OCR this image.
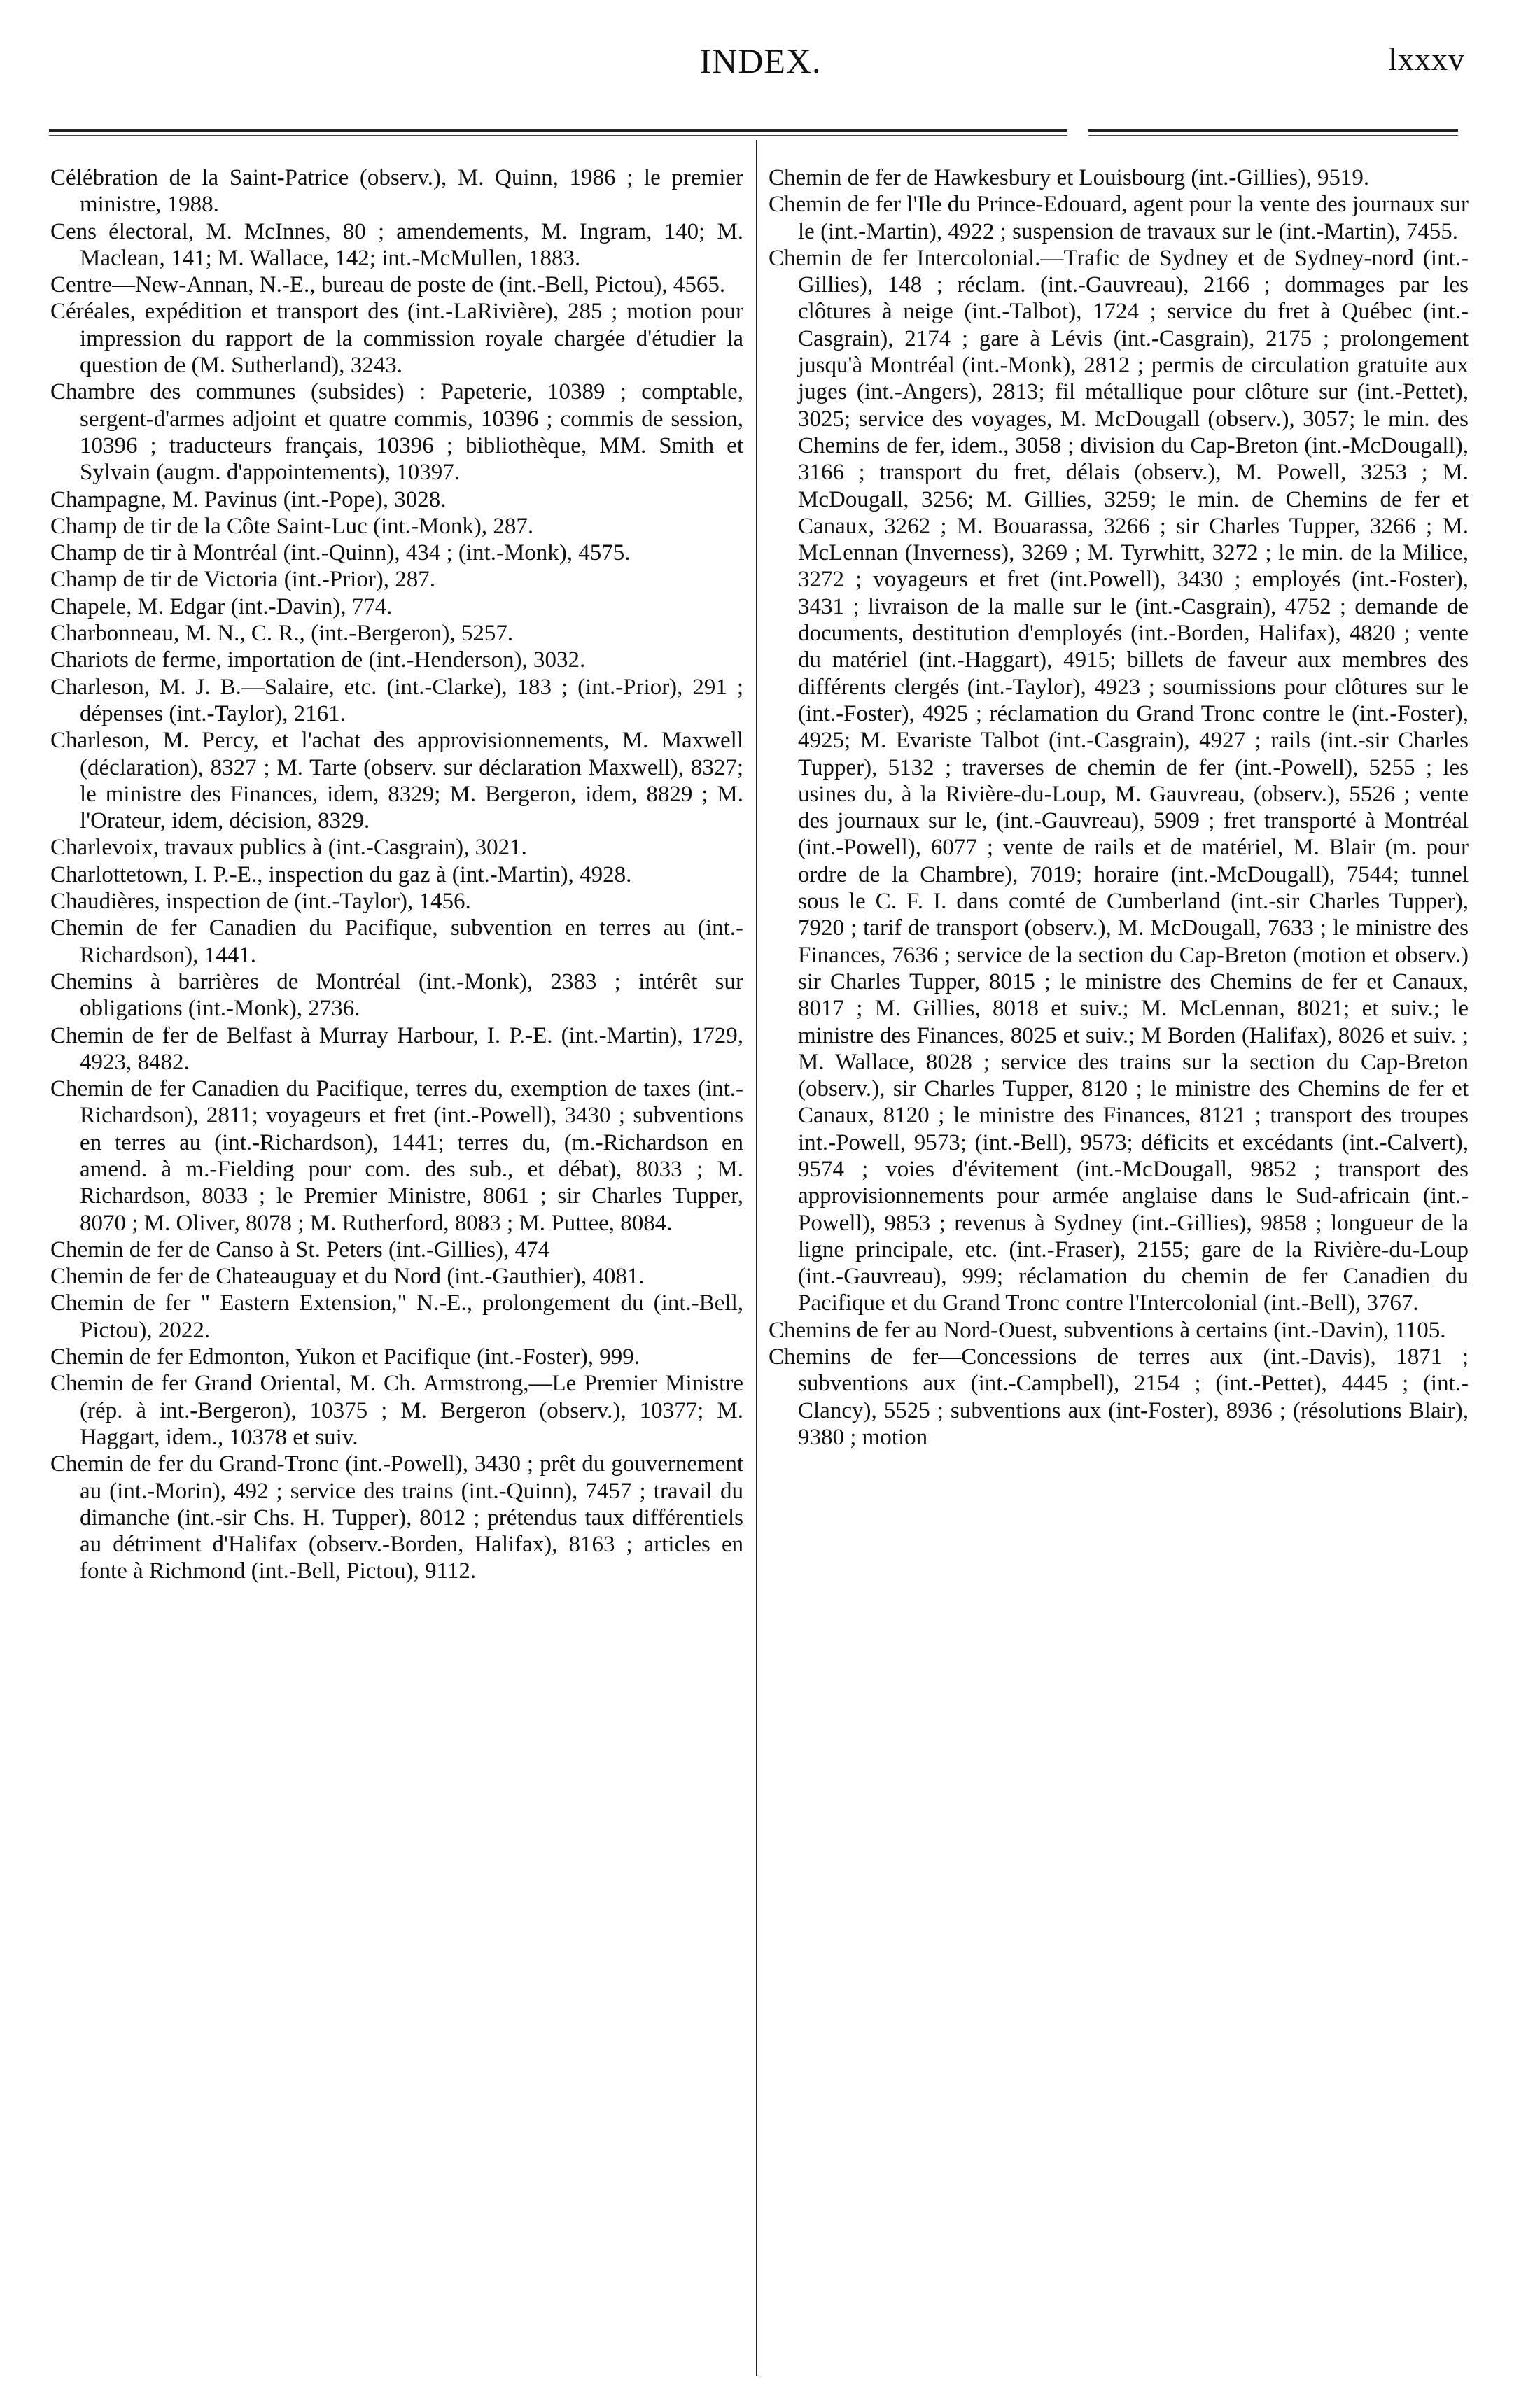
INDEX.	lxxxv

Célébration de la Saint-Patrice (observ.), M. Quinn, 1986 ; le premier ministre, 1988.

Cens électoral, M. McInnes, 80 ; amendements, M. Ingram, 140; M. Maclean, 141; M. Wallace, 142; int.-McMullen, 1883.

Centre—New-Annan, N.-E., bureau de poste de (int.-Bell, Pictou), 4565.

Céréales, expédition et transport des (int.-LaRivière), 285 ; motion pour impression du rapport de la commission royale chargée d'étudier la question de (M. Sutherland), 3243.

Chambre des communes (subsides) : Papeterie, 10389 ; comptable, sergent-d'armes adjoint et quatre commis, 10396 ; commis de session, 10396 ; traducteurs français, 10396 ; bibliothèque, MM. Smith et Sylvain (augm. d'appointements), 10397.

Champagne, M. Pavinus (int.-Pope), 3028.

Champ de tir de la Côte Saint-Luc (int.-Monk), 287.

Champ de tir à Montréal (int.-Quinn), 434 ; (int.-Monk), 4575.

Champ de tir de Victoria (int.-Prior), 287.

Chapele, M. Edgar (int.-Davin), 774.

Charbonneau, M. N., C. R., (int.-Bergeron), 5257.

Chariots de ferme, importation de (int.-Henderson), 3032.

Charleson, M. J. B.—Salaire, etc. (int.-Clarke), 183 ; (int.-Prior), 291 ; dépenses (int.-Taylor), 2161.

Charleson, M. Percy, et l'achat des approvisionnements, M. Maxwell (déclaration), 8327 ; M. Tarte (observ. sur déclaration Maxwell), 8327; le ministre des Finances, idem, 8329; M. Bergeron, idem, 8829 ; M. l'Orateur, idem, décision, 8329.

Charlevoix, travaux publics à (int.-Casgrain), 3021.

Charlottetown, I. P.-E., inspection du gaz à (int.-Martin), 4928.

Chaudières, inspection de (int.-Taylor), 1456.

Chemin de fer Canadien du Pacifique, subvention en terres au (int.-Richardson), 1441.

Chemins à barrières de Montréal (int.-Monk), 2383 ; intérêt sur obligations (int.-Monk), 2736.

Chemin de fer de Belfast à Murray Harbour, I. P.-E. (int.-Martin), 1729, 4923, 8482.

Chemin de fer Canadien du Pacifique, terres du, exemption de taxes (int.-Richardson), 2811; voyageurs et fret (int.-Powell), 3430 ; subventions en terres au (int.-Richardson), 1441; terres du, (m.-Richardson en amend. à m.-Fielding pour com. des sub., et débat), 8033 ; M. Richardson, 8033 ; le Premier Ministre, 8061 ; sir Charles Tupper, 8070 ; M. Oliver, 8078 ; M. Rutherford, 8083 ; M. Puttee, 8084.

Chemin de fer de Canso à St. Peters (int.-Gillies), 474

Chemin de fer de Chateauguay et du Nord (int.-Gauthier), 4081.

Chemin de fer " Eastern Extension," N.-E., prolongement du (int.-Bell, Pictou), 2022.

Chemin de fer Edmonton, Yukon et Pacifique (int.-Foster), 999.

Chemin de fer Grand Oriental, M. Ch. Armstrong,—Le Premier Ministre (rép. à int.-Bergeron), 10375 ; M. Bergeron (observ.), 10377; M. Haggart, idem., 10378 et suiv.

Chemin de fer du Grand-Tronc (int.-Powell), 3430 ; prêt du gouvernement au (int.-Morin), 492 ; service des trains (int.-Quinn), 7457 ; travail du dimanche (int.-sir Chs. H. Tupper), 8012 ; prétendus taux différentiels au détriment d'Halifax (observ.-Borden, Halifax), 8163 ; articles en fonte à Richmond (int.-Bell, Pictou), 9112.

Chemin de fer de Hawkesbury et Louisbourg (int.-Gillies), 9519.

Chemin de fer l'Ile du Prince-Edouard, agent pour la vente des journaux sur le (int.-Martin), 4922 ; suspension de travaux sur le (int.-Martin), 7455.

Chemin de fer Intercolonial.—Trafic de Sydney et de Sydney-nord (int.-Gillies), 148 ; réclam. (int.-Gauvreau), 2166 ; dommages par les clôtures à neige (int.-Talbot), 1724 ; service du fret à Québec (int.-Casgrain), 2174 ; gare à Lévis (int.-Casgrain), 2175 ; prolongement jusqu'à Montréal (int.-Monk), 2812 ; permis de circulation gratuite aux juges (int.-Angers), 2813; fil métallique pour clôture sur (int.-Pettet), 3025; service des voyages, M. McDougall (observ.), 3057; le min. des Chemins de fer, idem., 3058 ; division du Cap-Breton (int.-McDougall), 3166 ; transport du fret, délais (observ.), M. Powell, 3253 ; M. McDougall, 3256; M. Gillies, 3259; le min. de Chemins de fer et Canaux, 3262 ; M. Bouarassa, 3266 ; sir Charles Tupper, 3266 ; M. McLennan (Inverness), 3269 ; M. Tyrwhitt, 3272 ; le min. de la Milice, 3272 ; voyageurs et fret (int.Powell), 3430 ; employés (int.-Foster), 3431 ; livraison de la malle sur le (int.-Casgrain), 4752 ; demande de documents, destitution d'employés (int.-Borden, Halifax), 4820 ; vente du matériel (int.-Haggart), 4915; billets de faveur aux membres des différents clergés (int.-Taylor), 4923 ; soumissions pour clôtures sur le (int.-Foster), 4925 ; réclamation du Grand Tronc contre le (int.-Foster), 4925; M. Evariste Talbot (int.-Casgrain), 4927 ; rails (int.-sir Charles Tupper), 5132 ; traverses de chemin de fer (int.-Powell), 5255 ; les usines du, à la Rivière-du-Loup, M. Gauvreau, (observ.), 5526 ; vente des journaux sur le, (int.-Gauvreau), 5909 ; fret transporté à Montréal (int.-Powell), 6077 ; vente de rails et de matériel, M. Blair (m. pour ordre de la Chambre), 7019; horaire (int.-McDougall), 7544; tunnel sous le C. F. I. dans comté de Cumberland (int.-sir Charles Tupper), 7920 ; tarif de transport (observ.), M. McDougall, 7633 ; le ministre des Finances, 7636 ; service de la section du Cap-Breton (motion et observ.) sir Charles Tupper, 8015 ; le ministre des Chemins de fer et Canaux, 8017 ; M. Gillies, 8018 et suiv.; M. McLennan, 8021; et suiv.; le ministre des Finances, 8025 et suiv.; M Borden (Halifax), 8026 et suiv. ; M. Wallace, 8028 ; service des trains sur la section du Cap-Breton (observ.), sir Charles Tupper, 8120 ; le ministre des Chemins de fer et Canaux, 8120 ; le ministre des Finances, 8121 ; transport des troupes int.-Powell, 9573; (int.-Bell), 9573; déficits et excédants (int.-Calvert), 9574 ; voies d'évitement (int.-McDougall, 9852 ; transport des approvisionnements pour armée anglaise dans le Sud-africain (int.-Powell), 9853 ; revenus à Sydney (int.-Gillies), 9858 ; longueur de la ligne principale, etc. (int.-Fraser), 2155; gare de la Rivière-du-Loup (int.-Gauvreau), 999; réclamation du chemin de fer Canadien du Pacifique et du Grand Tronc contre l'Intercolonial (int.-Bell), 3767.

Chemins de fer au Nord-Ouest, subventions à certains (int.-Davin), 1105.

Chemins de fer—Concessions de terres aux (int.-Davis), 1871 ; subventions aux (int.-Campbell), 2154 ; (int.-Pettet), 4445 ; (int.-Clancy), 5525 ; subventions aux (int-Foster), 8936 ; (résolutions Blair), 9380 ; motion
